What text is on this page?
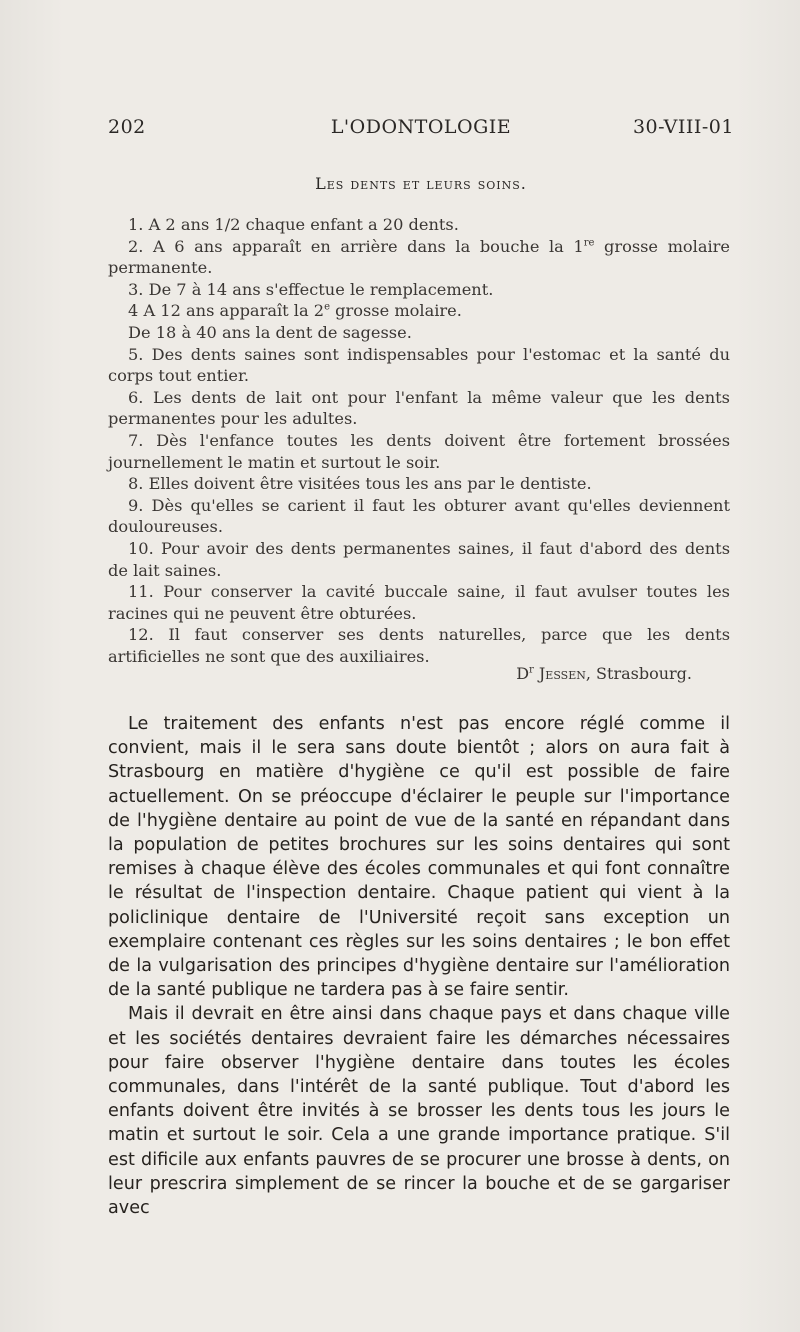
202	L'ODONTOLOGIE	30-VIII-01
Les dents et leurs soins.

1. A 2 ans 1/2 chaque enfant a 20 dents.

2. A 6 ans apparaît en arrière dans la bouche la 1re grosse molaire permanente.

3. De 7 à 14 ans s'effectue le remplacement.

4 A 12 ans apparaît la 2e grosse molaire.

De 18 à 40 ans la dent de sagesse.

5. Des dents saines sont indispensables pour l'estomac et la santé du corps tout entier.

6. Les dents de lait ont pour l'enfant la même valeur que les dents permanentes pour les adultes.

7. Dès l'enfance toutes les dents doivent être fortement brossées journellement le matin et surtout le soir.

8. Elles doivent être visitées tous les ans par le dentiste.

9. Dès qu'elles se carient il faut les obturer avant qu'elles deviennent douloureuses.

10. Pour avoir des dents permanentes saines, il faut d'abord des dents de lait saines.

11. Pour conserver la cavité buccale saine, il faut avulser toutes les racines qui ne peuvent être obturées.

12. Il faut conserver ses dents naturelles, parce que les dents artificielles ne sont que des auxiliaires.

$D^r$ Jessen, Strasbourg.

Le traitement des enfants n'est pas encore réglé comme il convient, mais il le sera sans doute bientôt ; alors on aura fait à Strasbourg en matière d'hygiène ce qu'il est possible de faire actuellement. On se préoccupe d'éclairer le peuple sur l'importance de l'hygiène dentaire au point de vue de la santé en répandant dans la population de petites brochures sur les soins dentaires qui sont remises à chaque élève des écoles communales et qui font connaître le résultat de l'inspection dentaire. Chaque patient qui vient à la policlinique dentaire de l'Université reçoit sans exception un exemplaire contenant ces règles sur les soins dentaires ; le bon effet de la vulgarisation des principes d'hygiène dentaire sur l'amélioration de la santé publique ne tardera pas à se faire sentir.

Mais il devrait en être ainsi dans chaque pays et dans chaque ville et les sociétés dentaires devraient faire les démarches nécessaires pour faire observer l'hygiène dentaire dans toutes les écoles communales, dans l'intérêt de la santé publique. Tout d'abord les enfants doivent être invités à se brosser les dents tous les jours le matin et surtout le soir. Cela a une grande importance pratique. S'il est dificile aux enfants pauvres de se procurer une brosse à dents, on leur prescrira simplement de se rincer la bouche et de se gargariser avec
